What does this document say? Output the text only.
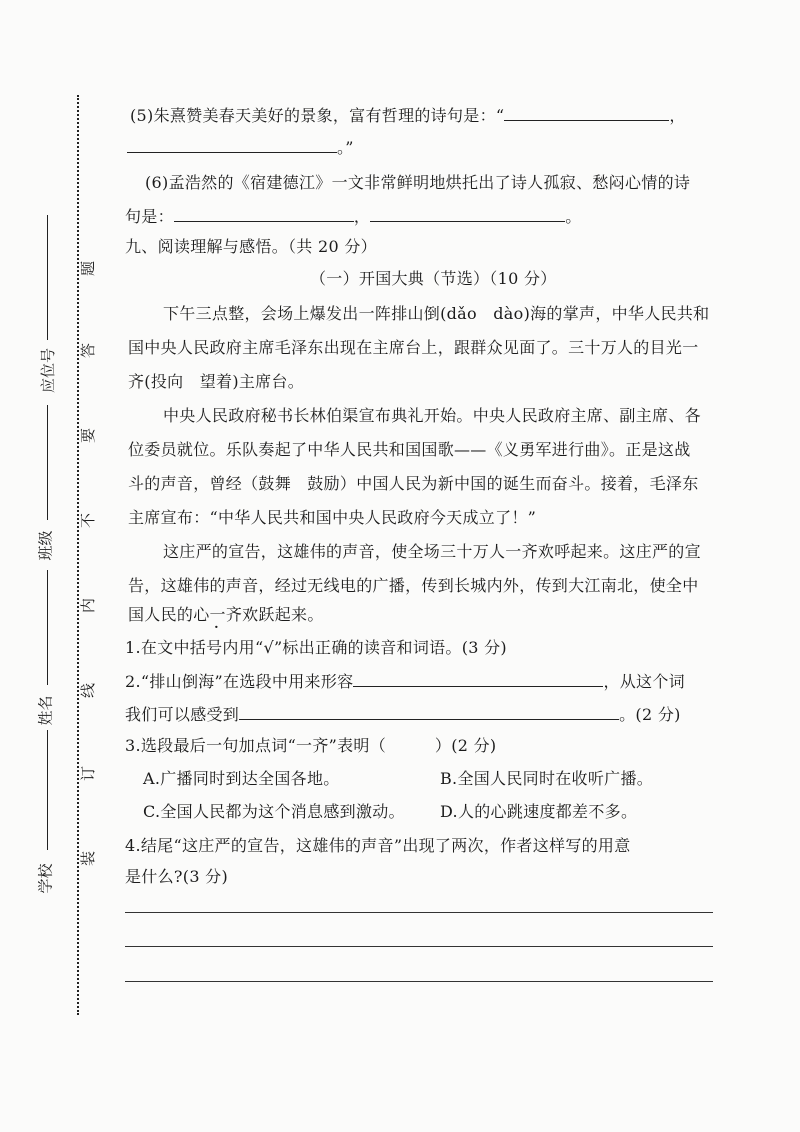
应位号
班级
姓名
学校
题
答
要
不
内
线
订
装
(5)朱熹赞美春天美好的景象，富有哲理的诗句是：“	，
。”
(6)孟浩然的《宿建德江》一文非常鲜明地烘托出了诗人孤寂、愁闷心情的诗
句是：	，	。
九、阅读理解与感悟。（共 20 分）
（一）开国大典（节选）（10 分）
下午三点整，会场上爆发出一阵排山倒(dǎo　dào)海的掌声，中华人民共和
国中央人民政府主席毛泽东出现在主席台上，跟群众见面了。三十万人的目光一
齐(投向　望着)主席台。
中央人民政府秘书长林伯渠宣布典礼开始。中央人民政府主席、副主席、各
位委员就位。乐队奏起了中华人民共和国国歌——《义勇军进行曲》。正是这战
斗的声音，曾经（鼓舞　鼓励）中国人民为新中国的诞生而奋斗。接着，毛泽东
主席宣布：“中华人民共和国中央人民政府今天成立了！”
这庄严的宣告，这雄伟的声音，使全场三十万人一齐欢呼起来。这庄严的宣
告，这雄伟的声音，经过无线电的广播，传到长城内外，传到大江南北，使全中
国人民的心一齐欢跃起来。
1.在文中括号内用“√”标出正确的读音和词语。(3 分)
2.“排山倒海”在选段中用来形容	，从这个词
我们可以感受到	。(2 分)
3.选段最后一句加点词“一齐”表明（　　　）(2 分)
A.广播同时到达全国各地。	B.全国人民同时在收听广播。
C.全国人民都为这个消息感到激动。 D.人的心跳速度都差不多。
4.结尾“这庄严的宣告，这雄伟的声音”出现了两次，作者这样写的用意
是什么?(3 分)
